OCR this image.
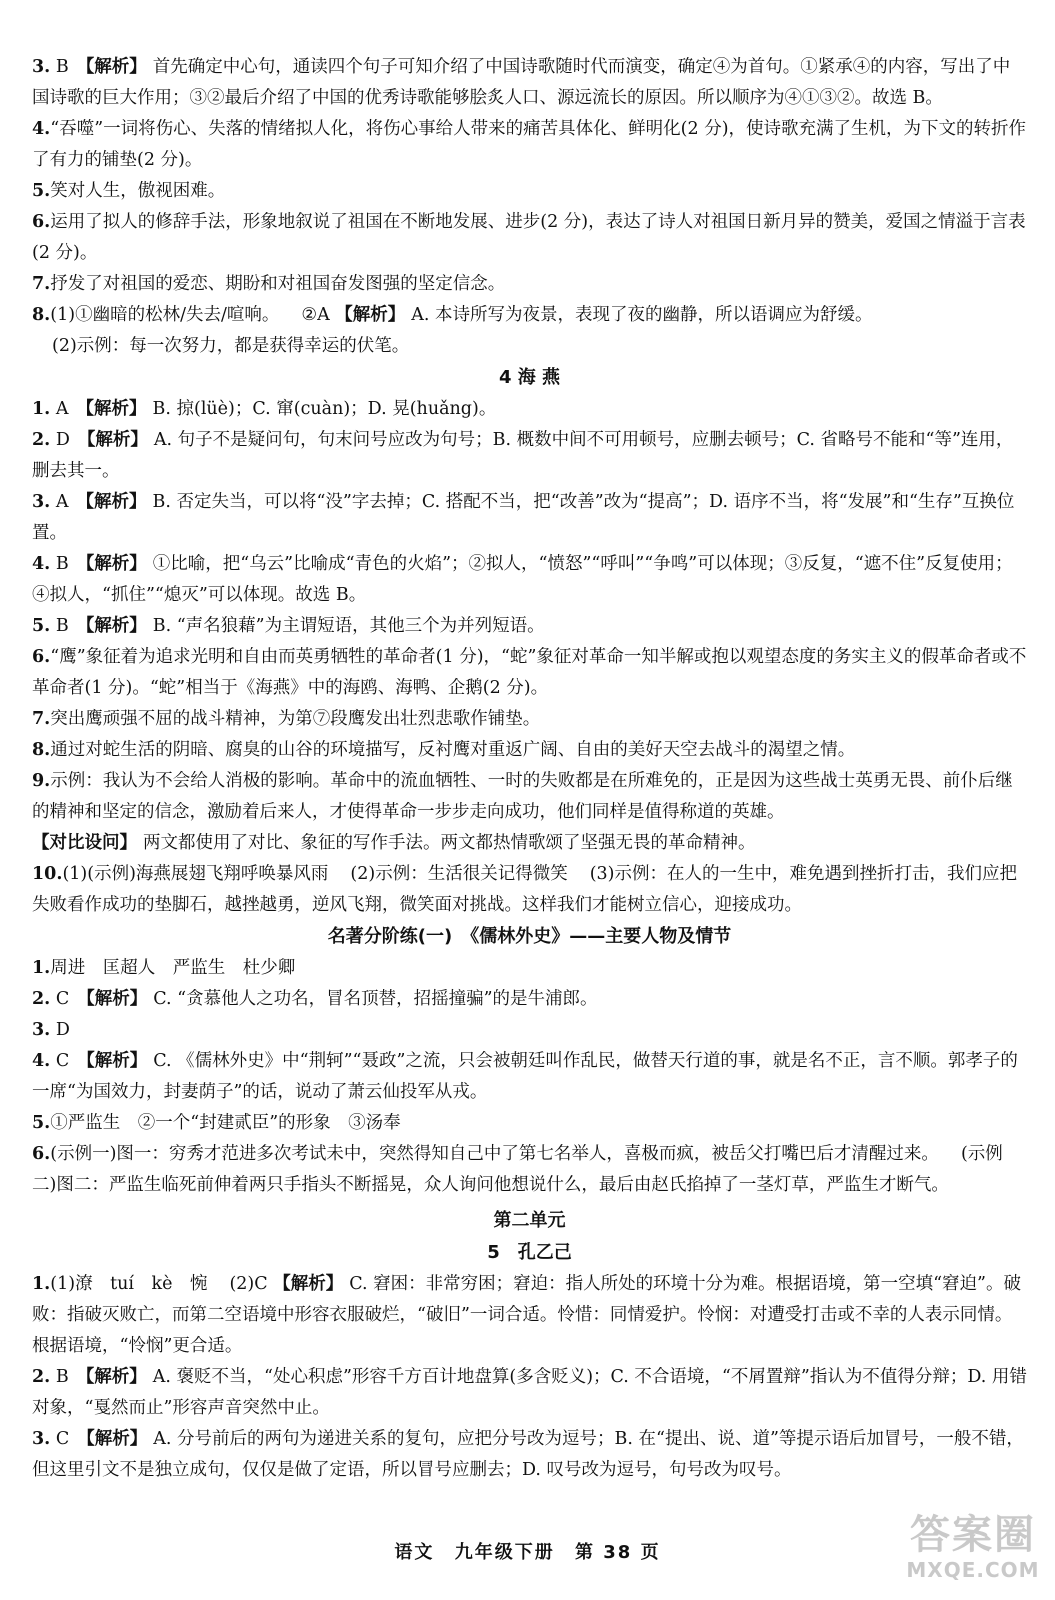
3. B 【解析】 首先确定中心句，通读四个句子可知介绍了中国诗歌随时代而演变，确定④为首句。①紧承④的内容，写出了中国诗歌的巨大作用；③②最后介绍了中国的优秀诗歌能够脍炙人口、源远流长的原因。所以顺序为④①③②。故选 B。

4.“吞噬”一词将伤心、失落的情绪拟人化，将伤心事给人带来的痛苦具体化、鲜明化(2 分)，使诗歌充满了生机，为下文的转折作了有力的铺垫(2 分)。

5.笑对人生，傲视困难。

6.运用了拟人的修辞手法，形象地叙说了祖国在不断地发展、进步(2 分)，表达了诗人对祖国日新月异的赞美，爱国之情溢于言表(2 分)。

7.抒发了对祖国的爱恋、期盼和对祖国奋发图强的坚定信念。

8.(1)①幽暗的松林/失去/喧响。 ②A 【解析】 A. 本诗所写为夜景，表现了夜的幽静，所以语调应为舒缓。

(2)示例：每一次努力，都是获得幸运的伏笔。

4 海 燕

1. A 【解析】 B. 掠(lüè)；C. 窜(cuàn)；D. 晃(huǎng)。

2. D 【解析】 A. 句子不是疑问句，句末问号应改为句号；B. 概数中间不可用顿号，应删去顿号；C. 省略号不能和“等”连用，删去其一。

3. A 【解析】 B. 否定失当，可以将“没”字去掉；C. 搭配不当，把“改善”改为“提高”；D. 语序不当，将“发展”和“生存”互换位置。

4. B 【解析】 ①比喻，把“乌云”比喻成“青色的火焰”；②拟人，“愤怒”“呼叫”“争鸣”可以体现；③反复，“遮不住”反复使用；④拟人，“抓住”“熄灭”可以体现。故选 B。

5. B 【解析】 B. “声名狼藉”为主谓短语，其他三个为并列短语。

6.“鹰”象征着为追求光明和自由而英勇牺牲的革命者(1 分)，“蛇”象征对革命一知半解或抱以观望态度的务实主义的假革命者或不革命者(1 分)。“蛇”相当于《海燕》中的海鸥、海鸭、企鹅(2 分)。

7.突出鹰顽强不屈的战斗精神，为第⑦段鹰发出壮烈悲歌作铺垫。

8.通过对蛇生活的阴暗、腐臭的山谷的环境描写，反衬鹰对重返广阔、自由的美好天空去战斗的渴望之情。

9.示例：我认为不会给人消极的影响。革命中的流血牺牲、一时的失败都是在所难免的，正是因为这些战士英勇无畏、前仆后继的精神和坚定的信念，激励着后来人，才使得革命一步步走向成功，他们同样是值得称道的英雄。

【对比设问】 两文都使用了对比、象征的写作手法。两文都热情歌颂了坚强无畏的革命精神。

10.(1)(示例)海燕展翅飞翔呼唤暴风雨 (2)示例：生活很关记得微笑 (3)示例：在人的一生中，难免遇到挫折打击，我们应把失败看作成功的垫脚石，越挫越勇，逆风飞翔，微笑面对挑战。这样我们才能树立信心，迎接成功。

名著分阶练(一)　《儒林外史》——主要人物及情节

1.周进　匡超人　严监生　杜少卿

2. C 【解析】 C. “贪慕他人之功名，冒名顶替，招摇撞骗”的是牛浦郎。

3. D

4. C 【解析】 C. 《儒林外史》中“荆轲”“聂政”之流，只会被朝廷叫作乱民，做替天行道的事，就是名不正，言不顺。郭孝子的一席“为国效力，封妻荫子”的话，说动了萧云仙投军从戎。

5.①严监生　②一个“封建贰臣”的形象　③汤奉

6.(示例一)图一：穷秀才范进多次考试未中，突然得知自己中了第七名举人，喜极而疯，被岳父打嘴巴后才清醒过来。 (示例二)图二：严监生临死前伸着两只手指头不断摇晃，众人询问他想说什么，最后由赵氏掐掉了一茎灯草，严监生才断气。

第二单元

5　孔乙己

1.(1)潦　tuí　kè　惋 (2)C 【解析】 C. 窘困：非常穷困；窘迫：指人所处的环境十分为难。根据语境，第一空填“窘迫”。破败：指破灭败亡，而第二空语境中形容衣服破烂，“破旧”一词合适。怜惜：同情爱护。怜悯：对遭受打击或不幸的人表示同情。根据语境，“怜悯”更合适。

2. B 【解析】 A. 褒贬不当，“处心积虑”形容千方百计地盘算(多含贬义)；C. 不合语境，“不屑置辩”指认为不值得分辩；D. 用错对象，“戛然而止”形容声音突然中止。

3. C 【解析】 A. 分号前后的两句为递进关系的复句，应把分号改为逗号；B. 在“提出、说、道”等提示语后加冒号，一般不错，但这里引文不是独立成句，仅仅是做了定语，所以冒号应删去；D. 叹号改为逗号，句号改为叹号。

语文 九年级下册 第 38 页	答案圈
MXQE.COM
